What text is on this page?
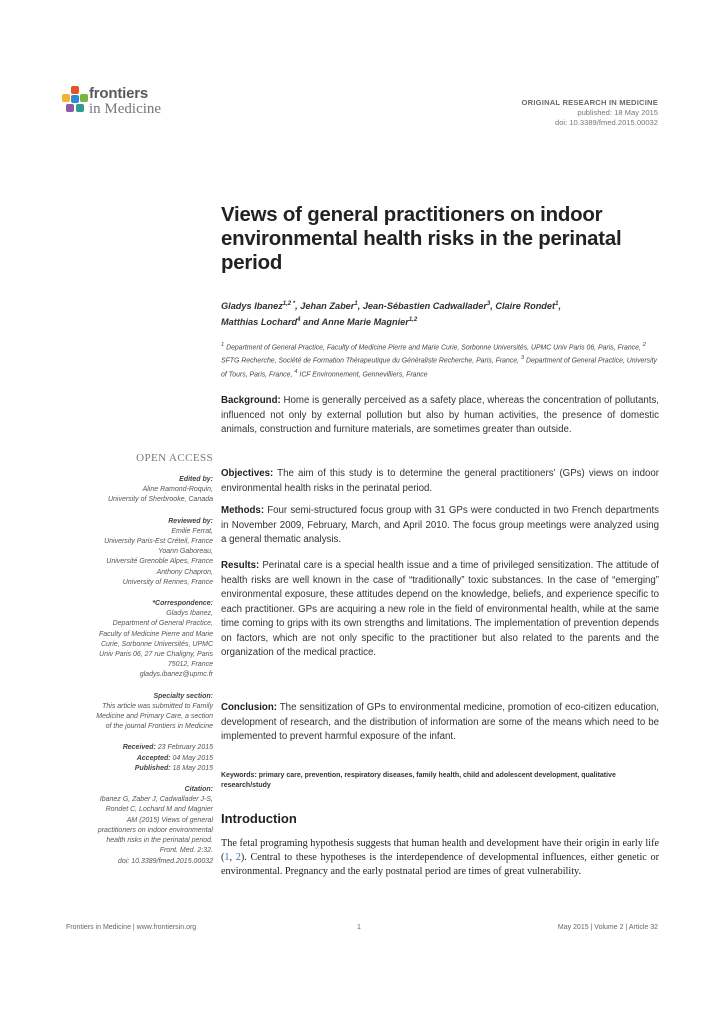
frontiers
in Medicine	ORIGINAL RESEARCH IN MEDICINE
published: 18 May 2015
doi: 10.3389/fmed.2015.00032
Views of general practitioners on indoor environmental health risks in the perinatal period
Gladys Ibanez$^{1,2 *}$, Jehan Zaber$^1$, Jean-Sébastien Cadwallader$^3$, Claire Rondet$^1$,
Matthias Lochard$^4$ and Anne Marie Magnier$^{1,2}$
$^1$ Department of General Practice, Faculty of Medicine Pierre and Marie Curie, Sorbonne Universités, UPMC Univ Paris 06, Paris, France, $^2$ SFTG Recherche, Société de Formation Thérapeutique du Généraliste Recherche, Paris, France, $^3$ Department of General Practice, University of Tours, Paris, France, $^4$ ICF Environnement, Gennevilliers, France

Background: Home is generally perceived as a safety place, whereas the concentration of pollutants, influenced not only by external pollution but also by human activities, the presence of domestic animals, construction and furniture materials, are sometimes greater than outside.

Objectives: The aim of this study is to determine the general practitioners’ (GPs) views on indoor environmental health risks in the perinatal period.

Methods: Four semi-structured focus group with 31 GPs were conducted in two French departments in November 2009, February, March, and April 2010. The focus group meetings were analyzed using a general thematic analysis.

Results: Perinatal care is a special health issue and a time of privileged sensitization. The attitude of health risks are well known in the case of “traditionally” toxic substances. In the case of “emerging” environmental exposure, these attitudes depend on the knowledge, beliefs, and experience specific to each practitioner. GPs are acquiring a new role in the field of environmental health, while at the same time coming to grips with its own strengths and limitations. The implementation of prevention depends on factors, which are not only specific to the practitioner but also related to the parents and the organization of the medical practice.

Conclusion: The sensitization of GPs to environmental medicine, promotion of eco-citizen education, development of research, and the distribution of information are some of the means which need to be implemented to prevent harmful exposure of the infant.

Keywords: primary care, prevention, respiratory diseases, family health, child and adolescent development, qualitative research/study
Introduction

The fetal programing hypothesis suggests that human health and development have their origin in early life (1, 2). Central to these hypotheses is the interdependence of developmental influences, either genetic or environmental. Pregnancy and the early postnatal period are times of great vulnerability.

OPEN ACCESS
Edited by:
Aline Ramond-Roquin,
University of Sherbrooke, Canada
Reviewed by:
Emilie Ferrat,
University Paris-Est Créteil, France
Yoann Gaboreau,
Université Grenoble Alpes, France
Anthony Chapron,
University of Rennes, France
*Correspondence:
Gladys Ibanez,
Department of General Practice,
Faculty of Medicine Pierre and Marie
Curie, Sorbonne Universités, UPMC
Univ Paris 06, 27 rue Chaligny, Paris
75012, France
gladys.ibanez@upmc.fr
Specialty section:
This article was submitted to Family
Medicine and Primary Care, a section
of the journal Frontiers in Medicine
Received: 23 February 2015
Accepted: 04 May 2015
Published: 18 May 2015
Citation:
Ibanez G, Zaber J, Cadwallader J-S,
Rondet C, Lochard M and Magnier
AM (2015) Views of general
practitioners on indoor environmental
health risks in the perinatal period.
Front. Med. 2:32.
doi: 10.3389/fmed.2015.00032
Frontiers in Medicine | www.frontiersin.org	1	May 2015 | Volume 2 | Article 32
